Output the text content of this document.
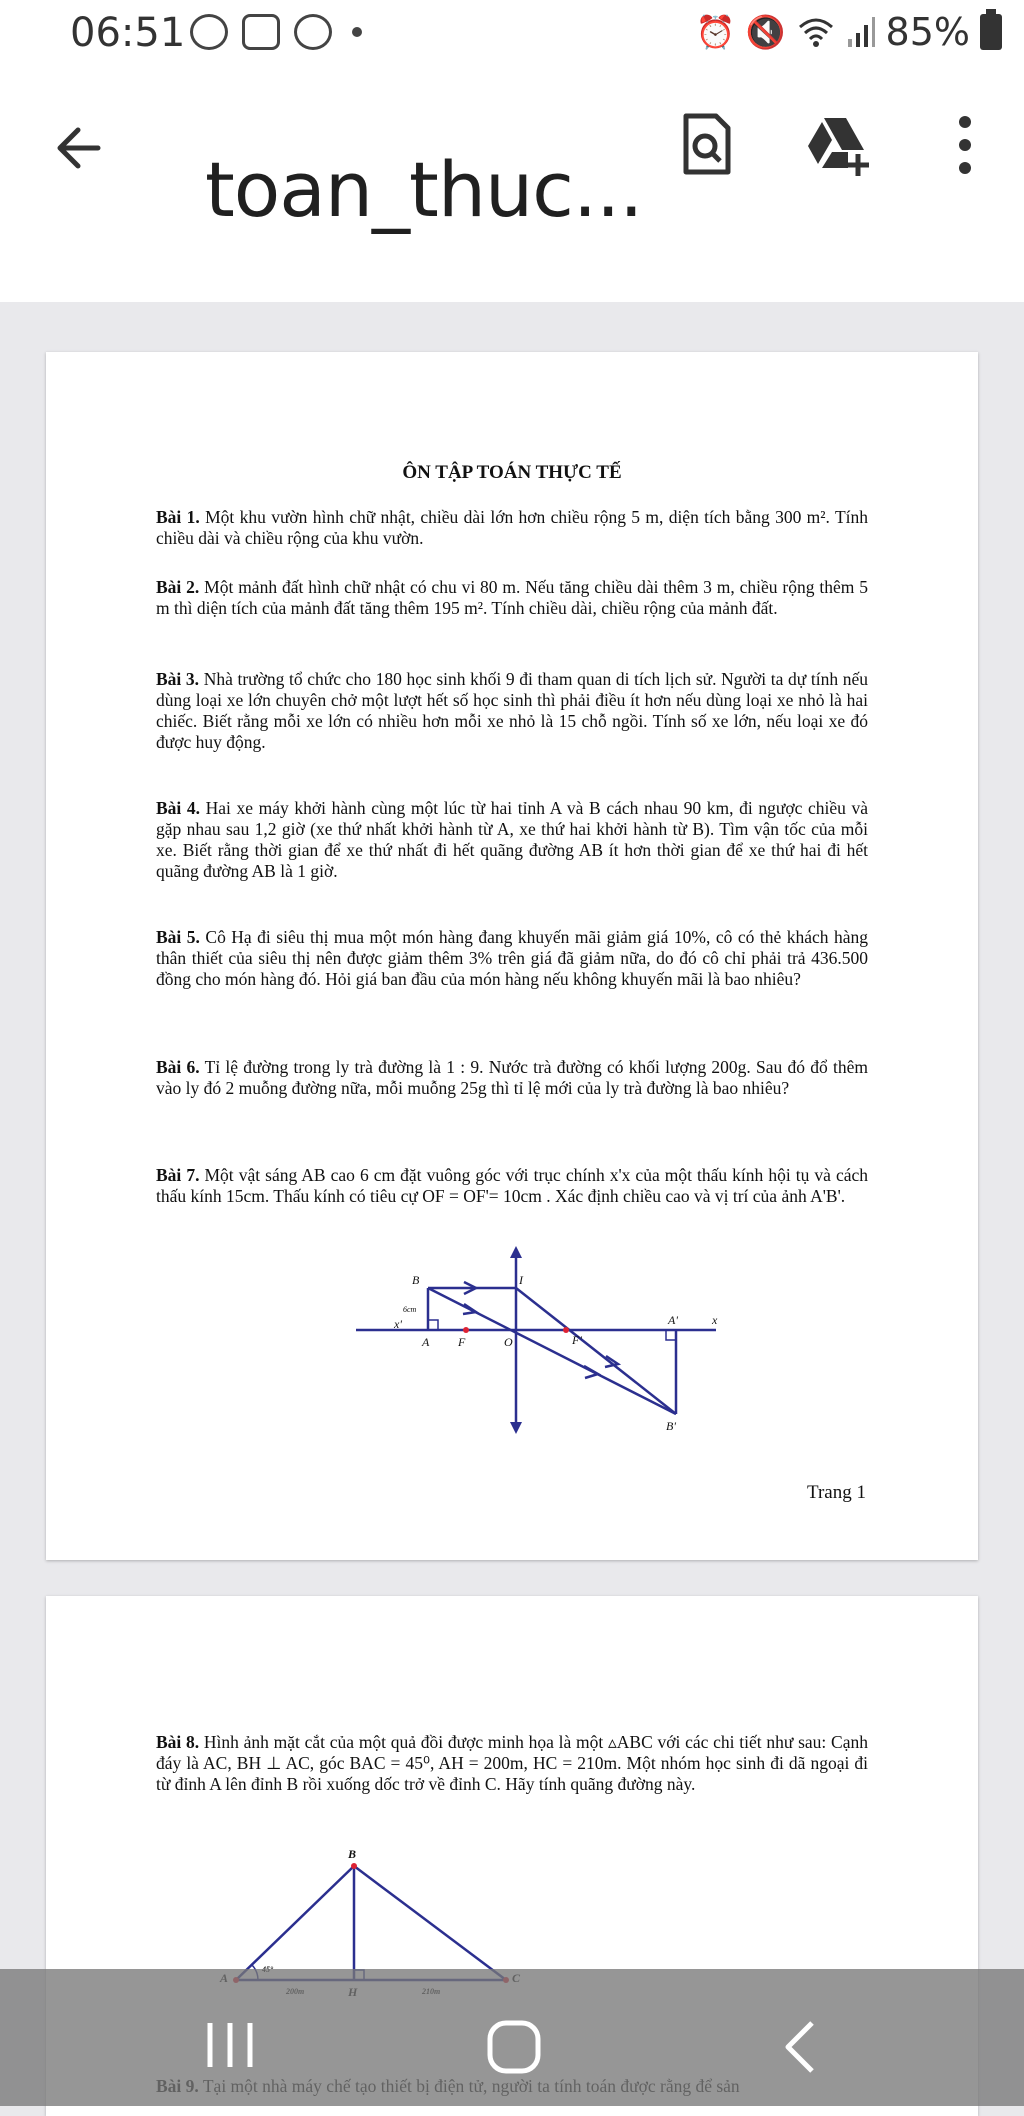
06:51	⏰ 🔇	85%
toan_thuc...
ÔN TẬP TOÁN THỰC TẾ

Bài 1. Một khu vườn hình chữ nhật, chiều dài lớn hơn chiều rộng 5 m, diện tích bằng 300 m². Tính chiều dài và chiều rộng của khu vườn.

Bài 2. Một mảnh đất hình chữ nhật có chu vi 80 m. Nếu tăng chiều dài thêm 3 m, chiều rộng thêm 5 m thì diện tích của mảnh đất tăng thêm 195 m². Tính chiều dài, chiều rộng của mảnh đất.

Bài 3. Nhà trường tổ chức cho 180 học sinh khối 9 đi tham quan di tích lịch sử. Người ta dự tính nếu dùng loại xe lớn chuyên chở một lượt hết số học sinh thì phải điều ít hơn nếu dùng loại xe nhỏ là hai chiếc. Biết rằng mỗi xe lớn có nhiều hơn mỗi xe nhỏ là 15 chỗ ngồi. Tính số xe lớn, nếu loại xe đó được huy động.

Bài 4. Hai xe máy khởi hành cùng một lúc từ hai tỉnh A và B cách nhau 90 km, đi ngược chiều và gặp nhau sau 1,2 giờ (xe thứ nhất khởi hành từ A, xe thứ hai khởi hành từ B). Tìm vận tốc của mỗi xe. Biết rằng thời gian để xe thứ nhất đi hết quãng đường AB ít hơn thời gian để xe thứ hai đi hết quãng đường AB là 1 giờ.

Bài 5. Cô Hạ đi siêu thị mua một món hàng đang khuyến mãi giảm giá 10%, cô có thẻ khách hàng thân thiết của siêu thị nên được giảm thêm 3% trên giá đã giảm nữa, do đó cô chỉ phải trả 436.500 đồng cho món hàng đó. Hỏi giá ban đầu của món hàng nếu không khuyến mãi là bao nhiêu?

Bài 6. Tỉ lệ đường trong ly trà đường là 1 : 9. Nước trà đường có khối lượng 200g. Sau đó đổ thêm vào ly đó 2 muỗng đường nữa, mỗi muỗng 25g thì tỉ lệ mới của ly trà đường là bao nhiêu?

Bài 7. Một vật sáng AB cao 6 cm đặt vuông góc với trục chính x'x của một thấu kính hội tụ và cách thấu kính 15cm. Thấu kính có tiêu cự OF = OF'= 10cm . Xác định chiều cao và vị trí của ảnh A'B'.

B	I
6cm
x'
A F	O	F'
A'	x
B'
Trang 1

Bài 8. Hình ảnh mặt cắt của một quả đồi được minh họa là một ▵ABC với các chi tiết như sau: Cạnh đáy là AC, BH ⊥ AC, góc BAC = 45⁰, AH = 200m, HC = 210m. Một nhóm học sinh đi dã ngoại đi từ đỉnh A lên đỉnh B rồi xuống dốc trở về đỉnh C. Hãy tính quãng đường này.

B
